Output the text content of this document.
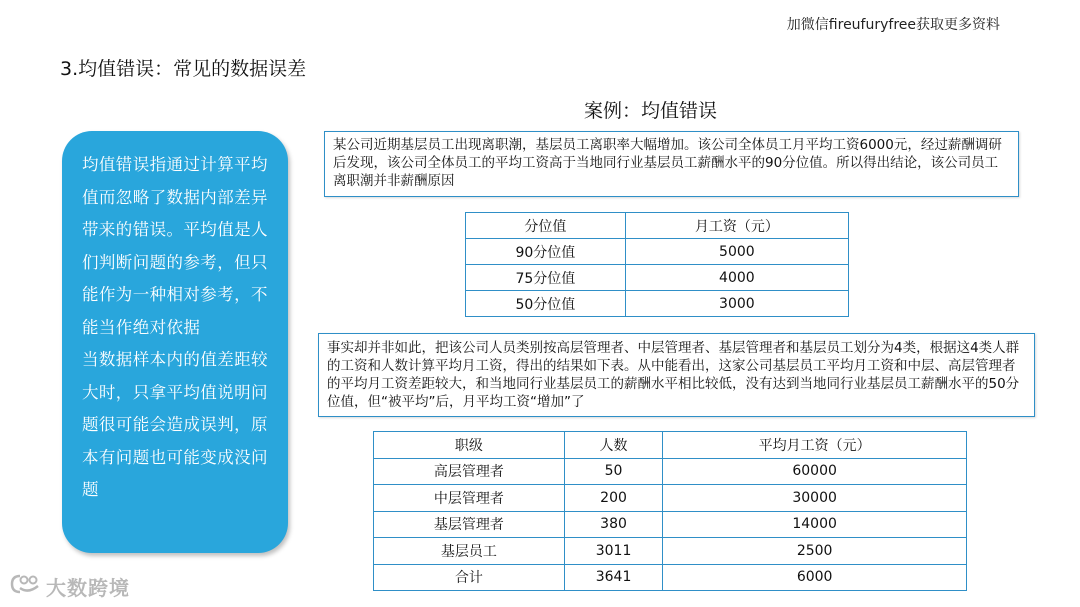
加微信fireufuryfree获取更多资料
3.均值错误：常见的数据误差
案例：均值错误

均值错误指通过计算平均值而忽略了数据内部差异带来的错误。平均值是人们判断问题的参考，但只能作为一种相对参考，不能当作绝对依据

当数据样本内的值差距较大时，只拿平均值说明问题很可能会造成误判，原本有问题也可能变成没问题

某公司近期基层员工出现离职潮，基层员工离职率大幅增加。该公司全体员工月平均工资6000元，经过薪酬调研后发现，该公司全体员工的平均工资高于当地同行业基层员工薪酬水平的90分位值。所以得出结论，该公司员工离职潮并非薪酬原因
分位值	月工资（元）
90分位值	5000
75分位值	4000
50分位值	3000
事实却并非如此，把该公司人员类别按高层管理者、中层管理者、基层管理者和基层员工划分为4类，根据这4类人群的工资和人数计算平均月工资，得出的结果如下表。从中能看出，这家公司基层员工平均月工资和中层、高层管理者的平均月工资差距较大，和当地同行业基层员工的薪酬水平相比较低，没有达到当地同行业基层员工薪酬水平的50分位值，但“被平均”后，月平均工资“增加”了
职级	人数	平均月工资（元）
高层管理者	50	60000
中层管理者	200	30000
基层管理者	380	14000
基层员工	3011	2500
合计	3641	6000
大数跨境
